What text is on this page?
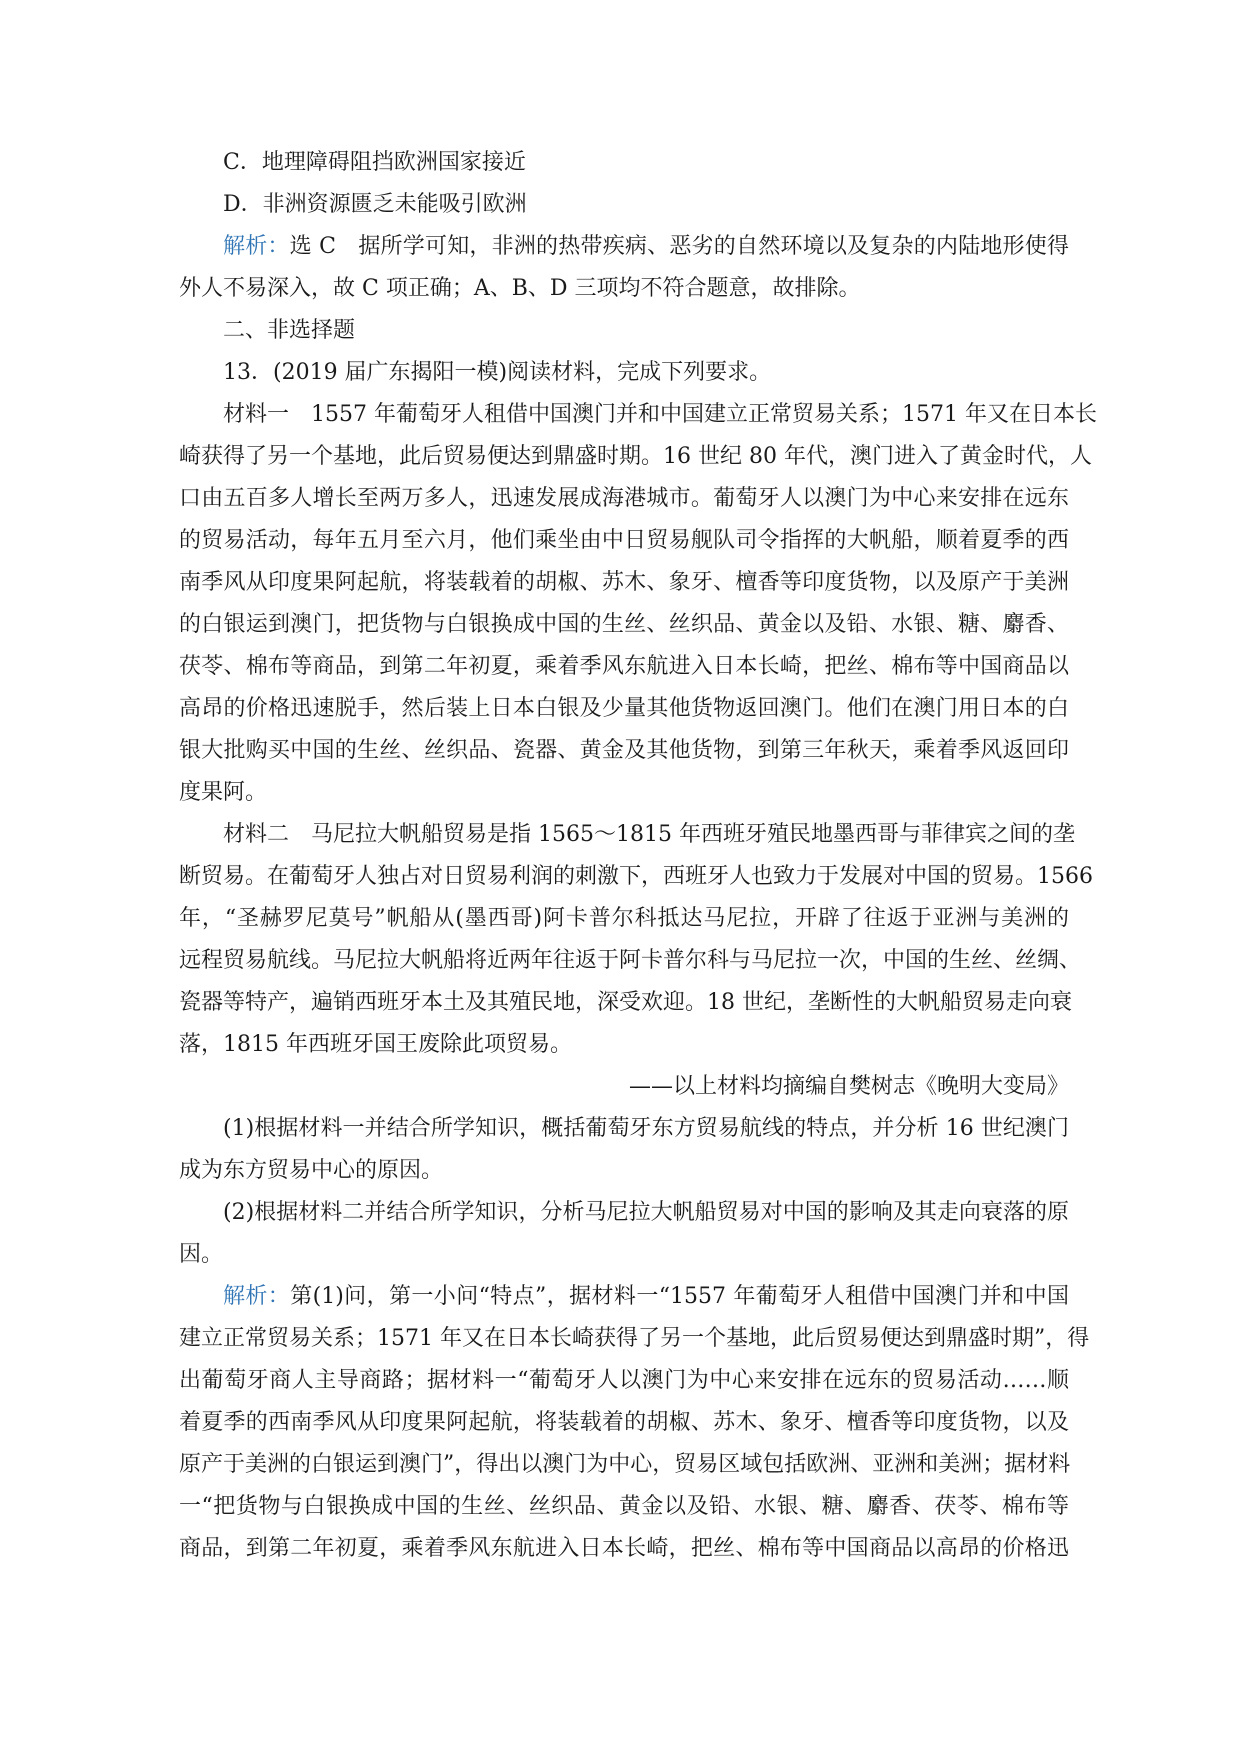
C．地理障碍阻挡欧洲国家接近
D．非洲资源匮乏未能吸引欧洲
解析：选 C　据所学可知，非洲的热带疾病、恶劣的自然环境以及复杂的内陆地形使得
外人不易深入，故 C 项正确；A、B、D 三项均不符合题意，故排除。
二、非选择题
13．(2019 届广东揭阳一模)阅读材料，完成下列要求。
材料一　1557 年葡萄牙人租借中国澳门并和中国建立正常贸易关系；1571 年又在日本长
崎获得了另一个基地，此后贸易便达到鼎盛时期。16 世纪 80 年代，澳门进入了黄金时代，人
口由五百多人增长至两万多人，迅速发展成海港城市。葡萄牙人以澳门为中心来安排在远东
的贸易活动，每年五月至六月，他们乘坐由中日贸易舰队司令指挥的大帆船，顺着夏季的西
南季风从印度果阿起航，将装载着的胡椒、苏木、象牙、檀香等印度货物，以及原产于美洲
的白银运到澳门，把货物与白银换成中国的生丝、丝织品、黄金以及铅、水银、糖、麝香、
茯苓、棉布等商品，到第二年初夏，乘着季风东航进入日本长崎，把丝、棉布等中国商品以
高昂的价格迅速脱手，然后装上日本白银及少量其他货物返回澳门。他们在澳门用日本的白
银大批购买中国的生丝、丝织品、瓷器、黄金及其他货物，到第三年秋天，乘着季风返回印
度果阿。
材料二　马尼拉大帆船贸易是指 1565～1815 年西班牙殖民地墨西哥与菲律宾之间的垄
断贸易。在葡萄牙人独占对日贸易利润的刺激下，西班牙人也致力于发展对中国的贸易。1566
年，“圣赫罗尼莫号”帆船从(墨西哥)阿卡普尔科抵达马尼拉，开辟了往返于亚洲与美洲的
远程贸易航线。马尼拉大帆船将近两年往返于阿卡普尔科与马尼拉一次，中国的生丝、丝绸、
瓷器等特产，遍销西班牙本土及其殖民地，深受欢迎。18 世纪，垄断性的大帆船贸易走向衰
落，1815 年西班牙国王废除此项贸易。
——以上材料均摘编自樊树志《晚明大变局》
(1)根据材料一并结合所学知识，概括葡萄牙东方贸易航线的特点，并分析 16 世纪澳门
成为东方贸易中心的原因。
(2)根据材料二并结合所学知识，分析马尼拉大帆船贸易对中国的影响及其走向衰落的原
因。
解析：第(1)问，第一小问“特点”，据材料一“1557 年葡萄牙人租借中国澳门并和中国
建立正常贸易关系；1571 年又在日本长崎获得了另一个基地，此后贸易便达到鼎盛时期”，得
出葡萄牙商人主导商路；据材料一“葡萄牙人以澳门为中心来安排在远东的贸易活动……顺
着夏季的西南季风从印度果阿起航，将装载着的胡椒、苏木、象牙、檀香等印度货物，以及
原产于美洲的白银运到澳门”，得出以澳门为中心，贸易区域包括欧洲、亚洲和美洲；据材料
一“把货物与白银换成中国的生丝、丝织品、黄金以及铅、水银、糖、麝香、茯苓、棉布等
商品，到第二年初夏，乘着季风东航进入日本长崎，把丝、棉布等中国商品以高昂的价格迅
